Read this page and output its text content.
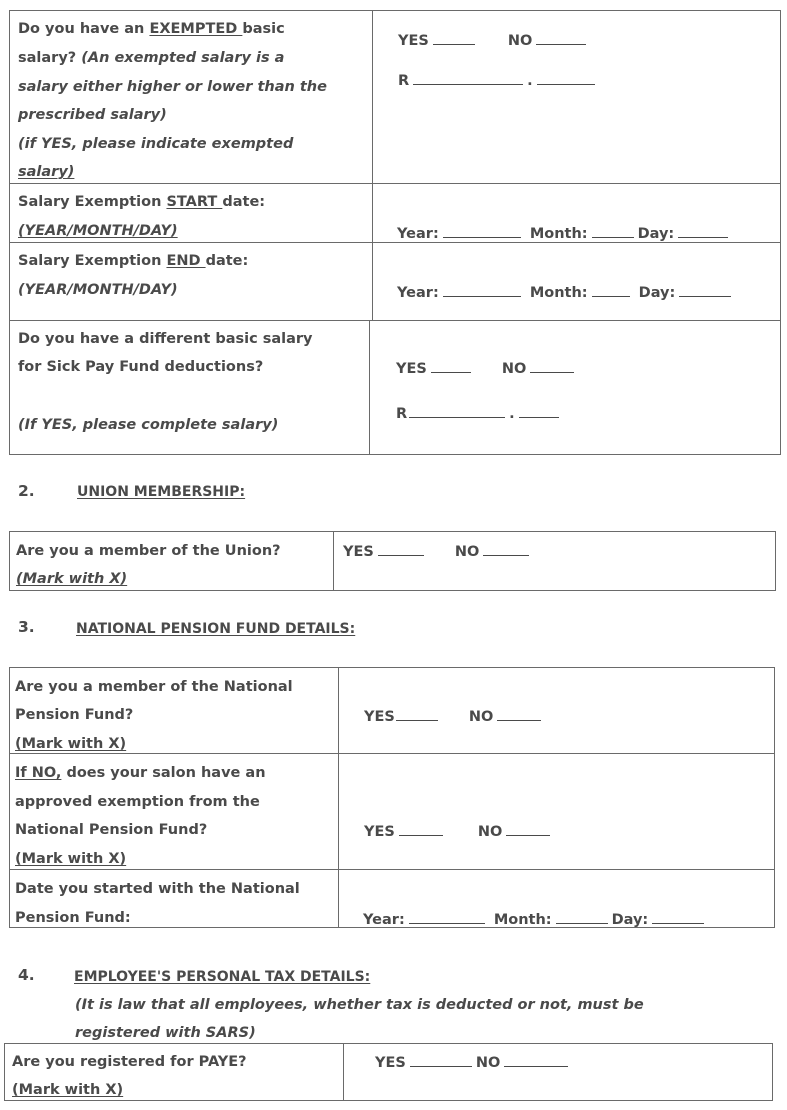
Do you have an EXEMPTED basic
salary? (An exempted salary is a
salary either higher or lower than the
prescribed salary)
(if YES, please indicate exempted
salary)
YES	NO
R	.
Salary Exemption START date:
(YEAR/MONTH/DAY)	Year:	Month:	Day:
Salary Exemption END date:
(YEAR/MONTH/DAY)	Year:	Month:	Day:
Do you have a different basic salary
for Sick Pay Fund deductions?
(If YES, please complete salary)
YES	NO
R	.
2.	UNION MEMBERSHIP:
Are you a member of the Union?
(Mark with X)
YES	NO
3.	NATIONAL PENSION FUND DETAILS:
Are you a member of the National
Pension Fund?
(Mark with X)
YES	NO
If NO, does your salon have an
approved exemption from the
National Pension Fund?
(Mark with X)
YES	NO
Date you started with the National
Pension Fund:	Year:	Month:	Day:
4.	EMPLOYEE'S PERSONAL TAX DETAILS:
(It is law that all employees, whether tax is deducted or not, must be
registered with SARS)
Are you registered for PAYE?
(Mark with X)
YES	NO
